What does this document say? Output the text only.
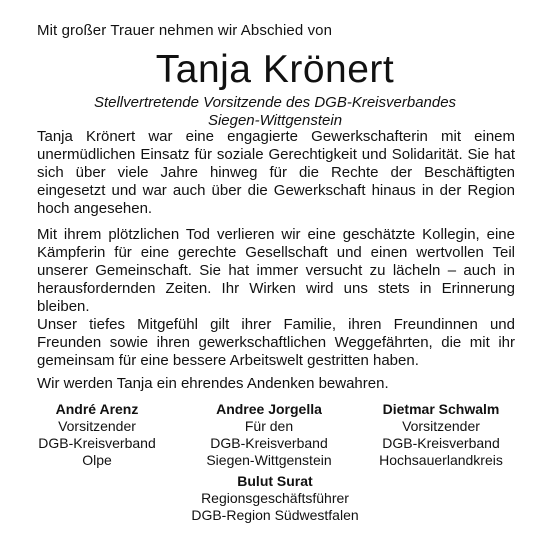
Mit großer Trauer nehmen wir Abschied von
Tanja Krönert
Stellvertretende Vorsitzende des DGB-Kreisverbandes
Siegen-Wittgenstein

Tanja Krönert war eine engagierte Gewerkschafterin mit einem unermüdlichen Einsatz für soziale Gerechtigkeit und Solidarität. Sie hat sich über viele Jahre hinweg für die Rechte der Beschäftigten eingesetzt und war auch über die Gewerkschaft hinaus in der Region hoch angesehen.

Mit ihrem plötzlichen Tod verlieren wir eine geschätzte Kollegin, eine Kämpferin für eine gerechte Gesellschaft und einen wertvollen Teil unserer Gemeinschaft. Sie hat immer versucht zu lächeln – auch in herausfordernden Zeiten. Ihr Wirken wird uns stets in Erinnerung bleiben.

Unser tiefes Mitgefühl gilt ihrer Familie, ihren Freundinnen und Freunden sowie ihren gewerkschaftlichen Weggefährten, die mit ihr gemeinsam für eine bessere Arbeitswelt gestritten haben.

Wir werden Tanja ein ehrendes Andenken bewahren.

André Arenz
Vorsitzender
DGB-Kreisverband
Olpe
Andree Jorgella
Für den
DGB-Kreisverband
Siegen-Wittgenstein
Dietmar Schwalm
Vorsitzender
DGB-Kreisverband
Hochsauerlandkreis
Bulut Surat
Regionsgeschäftsführer
DGB-Region Südwestfalen
